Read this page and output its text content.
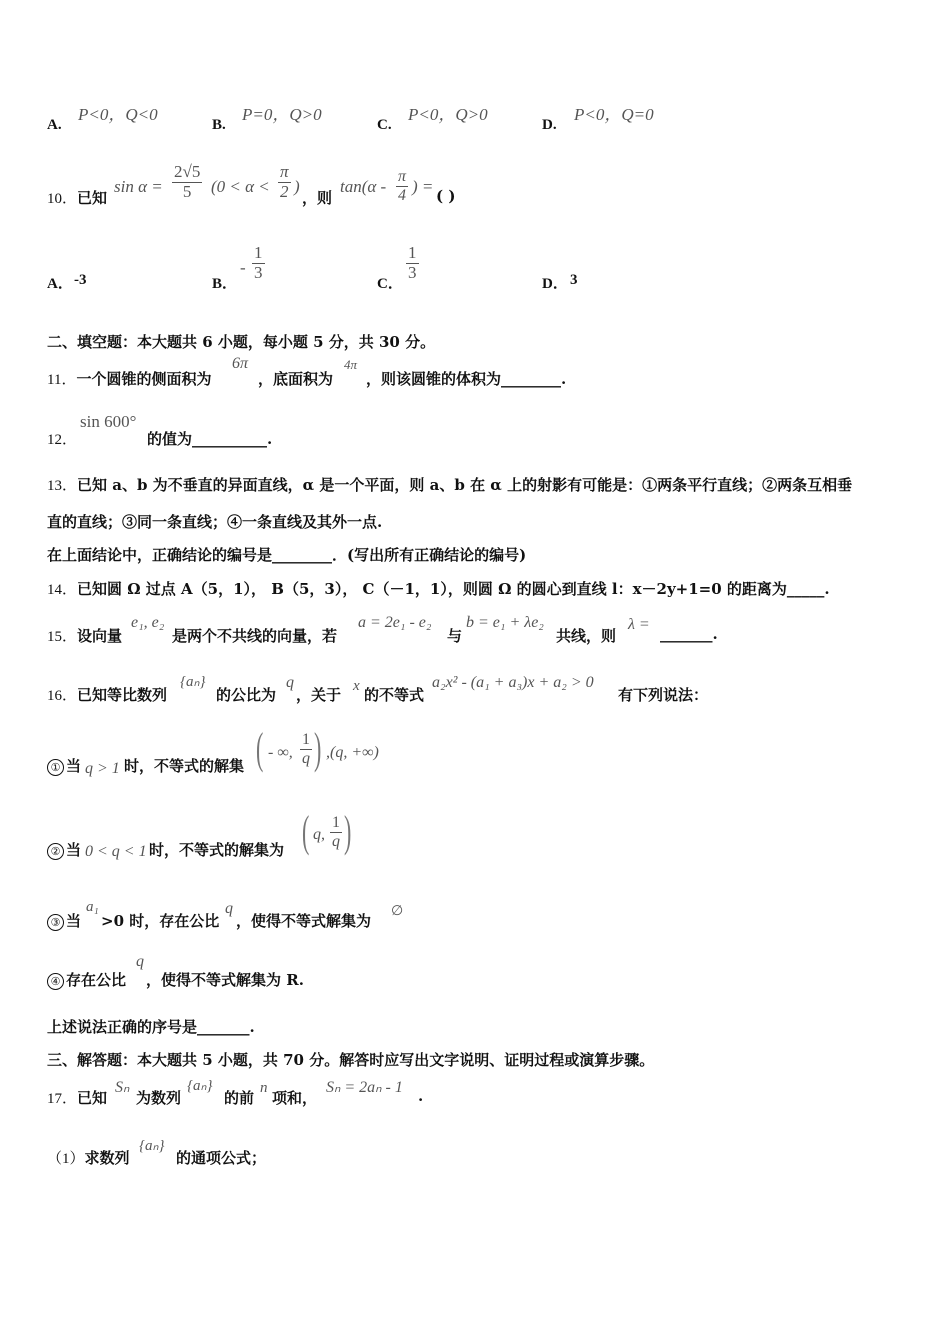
A.
P<0，Q<0
B.
P=0，Q>0
C.
P<0，Q>0
D.
P<0，Q=0
10．已知
$\sin \alpha = \frac{2√5}{5} (0 < \alpha < \frac{\pi}{2}$ )
，则
$\tan(\alpha - \frac{\pi}{4}$ ) = ( )
A． -3	B．
- $\frac{1}{3}$
C．
$\frac{1}{3}$
D． 3
二、填空题：本大题共 6 小题，每小题 5 分，共 30 分。
11．一个圆锥的侧面积为
6π
，底面积为
4π
，则该圆锥的体积为________.
12．
sin 600°
的值为__________.
13．已知 a、b 为不垂直的异面直线，α 是一个平面，则 a、b 在 α 上的射影有可能是：①两条平行直线；②两条互相垂
直的直线；③同一条直线；④一条直线及其外一点.
在上面结论中，正确结论的编号是________．(写出所有正确结论的编号)
14．已知圆 Ω 过点 A（5，1）， B（5，3）， C（－1，1），则圆 Ω 的圆心到直线 l：x－2y+1=0 的距离为_____.
15．设向量
e₁, e₂
是两个不共线的向量，若
a = 2e₁ - e₂
与
b = e₁ + λe₂
共线，则
λ =
_______.
16．已知等比数列
{aₙ}
的公比为
q
，关于 x 的不等式
a₂x² - (a₁ + a₃)x + a₂ > 0
有下列说法：
① 当 q > 1 时，不等式的解集 ( - ∞, $\frac{1}{q}$ ) ,(q, +∞)
② 当 0 < q < 1 时，不等式的解集为 ( q, $\frac{1}{q}$ )
③ 当
a₁
>0 时，存在公比
q
，使得不等式解集为
∅
④ 存在公比
q
，使得不等式解集为 R.
上述说法正确的序号是_______.
三、解答题：本大题共 5 小题，共 70 分。解答时应写出文字说明、证明过程或演算步骤。
17．已知
Sₙ
为数列
{aₙ}
的前
n
项和，
Sₙ = 2aₙ - 1 .
（1）求数列
{aₙ}
的通项公式；
